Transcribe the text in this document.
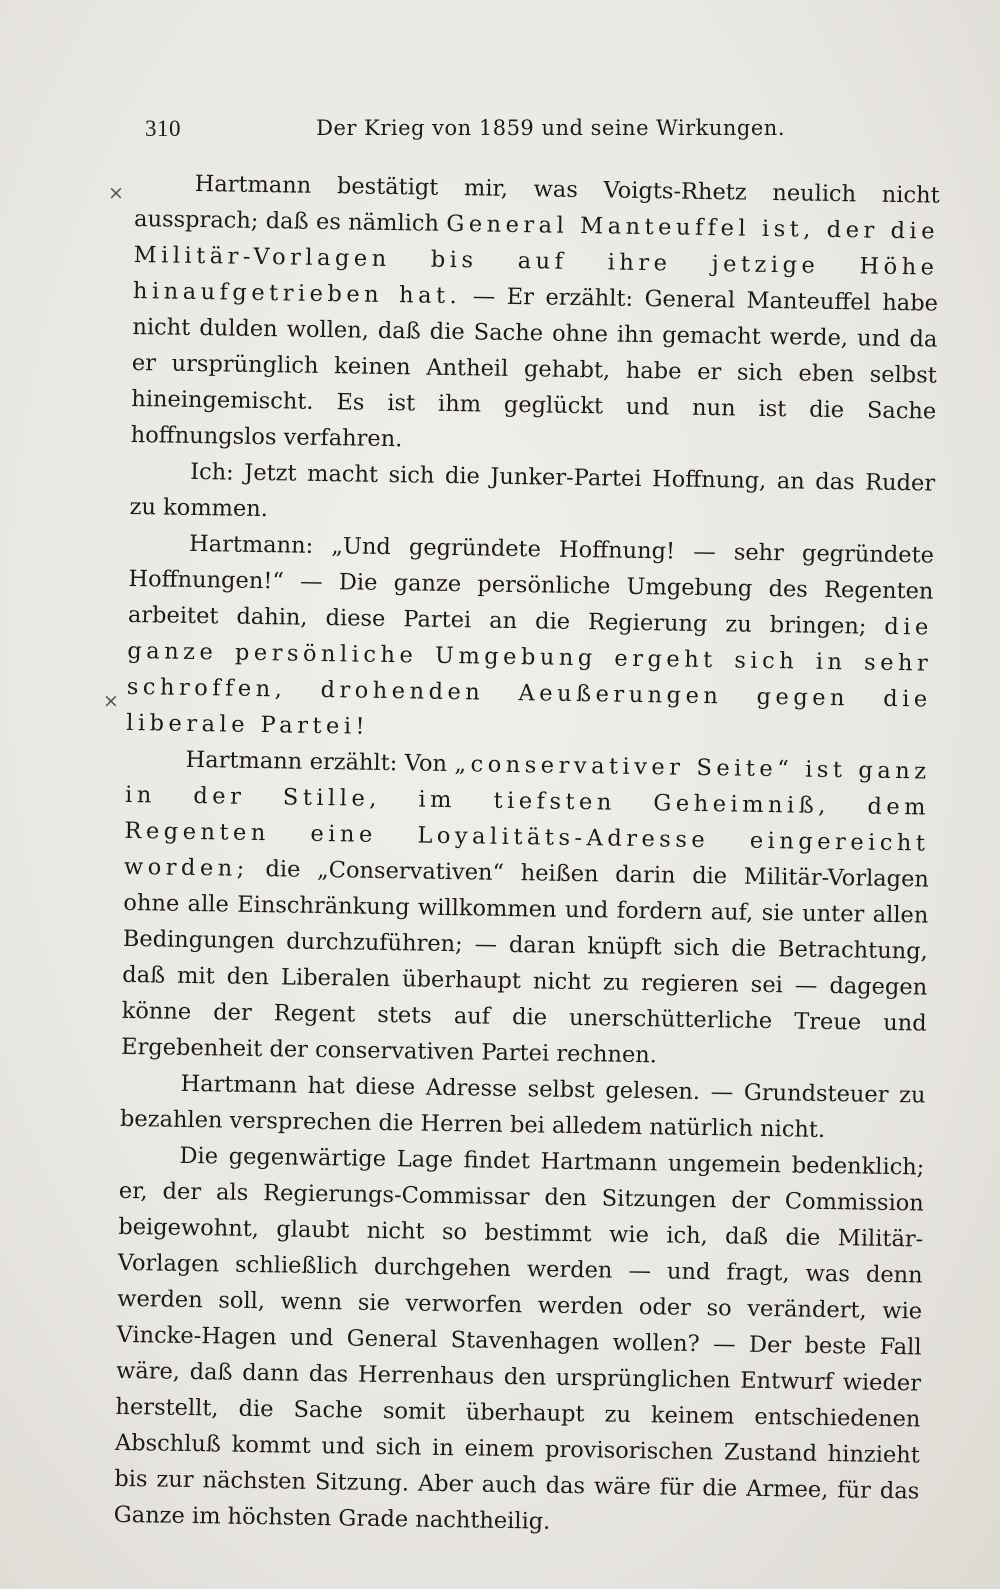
310	Der Krieg von 1859 und seine Wirkungen.
×
×

Hartmann bestätigt mir, was Voigts-Rhetz neulich nicht aussprach; daß es nämlich General Manteuffel ist, der die Militär-Vorlagen bis auf ihre jetzige Höhe hinaufgetrieben hat. — Er erzählt: General Manteuffel habe nicht dulden wollen, daß die Sache ohne ihn gemacht werde, und da er ursprünglich keinen Antheil gehabt, habe er sich eben selbst hineingemischt. Es ist ihm geglückt und nun ist die Sache hoffnungslos verfahren.

Ich: Jetzt macht sich die Junker-Partei Hoffnung, an das Ruder zu kommen.

Hartmann: „Und gegründete Hoffnung! — sehr gegründete Hoffnungen!“ — Die ganze persönliche Umgebung des Regenten arbeitet dahin, diese Partei an die Regierung zu bringen; die ganze persönliche Umgebung ergeht sich in sehr schroffen, drohenden Aeußerungen gegen die liberale Partei!

Hartmann erzählt: Von „conservativer Seite“ ist ganz in der Stille, im tiefsten Geheimniß, dem Regenten eine Loyalitäts-Adresse eingereicht worden; die „Conservativen“ heißen darin die Militär-Vorlagen ohne alle Einschränkung willkommen und fordern auf, sie unter allen Bedingungen durchzuführen; — daran knüpft sich die Betrachtung, daß mit den Liberalen überhaupt nicht zu regieren sei — dagegen könne der Regent stets auf die unerschütterliche Treue und Ergebenheit der conservativen Partei rechnen.

Hartmann hat diese Adresse selbst gelesen. — Grundsteuer zu bezahlen versprechen die Herren bei alledem natürlich nicht.

Die gegenwärtige Lage findet Hartmann ungemein bedenklich; er, der als Regierungs-Commissar den Sitzungen der Commission beigewohnt, glaubt nicht so bestimmt wie ich, daß die Militär-Vorlagen schließlich durchgehen werden — und fragt, was denn werden soll, wenn sie verworfen werden oder so verändert, wie Vincke-Hagen und General Stavenhagen wollen? — Der beste Fall wäre, daß dann das Herrenhaus den ursprünglichen Entwurf wieder herstellt, die Sache somit überhaupt zu keinem entschiedenen Abschluß kommt und sich in einem provisorischen Zustand hinzieht bis zur nächsten Sitzung. Aber auch das wäre für die Armee, für das Ganze im höchsten Grade nachtheilig.
